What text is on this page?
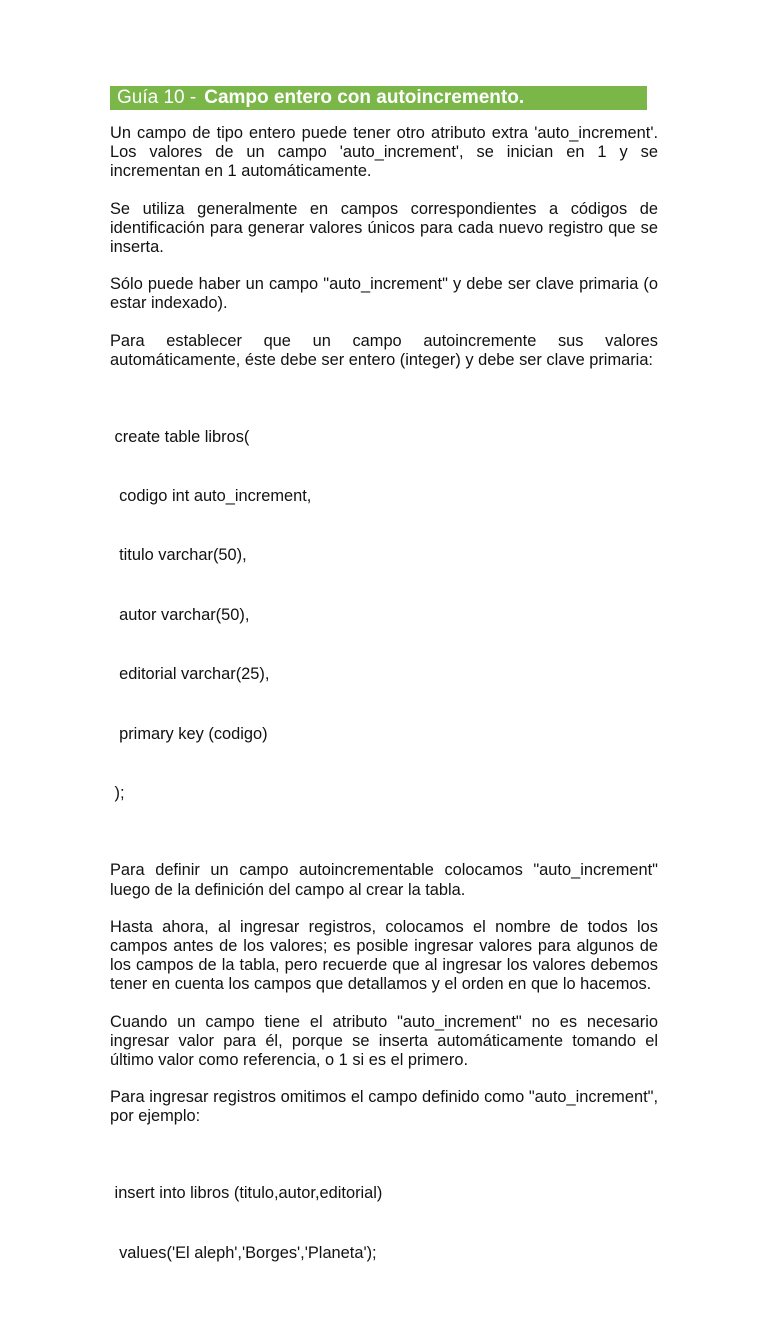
Guía 10 - Campo entero con autoincremento.

Un campo de tipo entero puede tener otro atributo extra 'auto_increment'. Los valores de un campo 'auto_increment', se inician en 1 y se incrementan en 1 automáticamente.

Se utiliza generalmente en campos correspondientes a códigos de identificación para generar valores únicos para cada nuevo registro que se inserta.

Sólo puede haber un campo "auto_increment" y debe ser clave primaria (o estar indexado).

Para establecer que un campo autoincremente sus valores automáticamente, éste debe ser entero (integer) y debe ser clave primaria:

create table libros(

codigo int auto_increment,

titulo varchar(50),

autor varchar(50),

editorial varchar(25),

primary key (codigo)

);

Para definir un campo autoincrementable colocamos "auto_increment" luego de la definición del campo al crear la tabla.

Hasta ahora, al ingresar registros, colocamos el nombre de todos los campos antes de los valores; es posible ingresar valores para algunos de los campos de la tabla, pero recuerde que al ingresar los valores debemos tener en cuenta los campos que detallamos y el orden en que lo hacemos.

Cuando un campo tiene el atributo "auto_increment" no es necesario ingresar valor para él, porque se inserta automáticamente tomando el último valor como referencia, o 1 si es el primero.

Para ingresar registros omitimos el campo definido como "auto_increment", por ejemplo:

insert into libros (titulo,autor,editorial)

values('El aleph','Borges','Planeta');
